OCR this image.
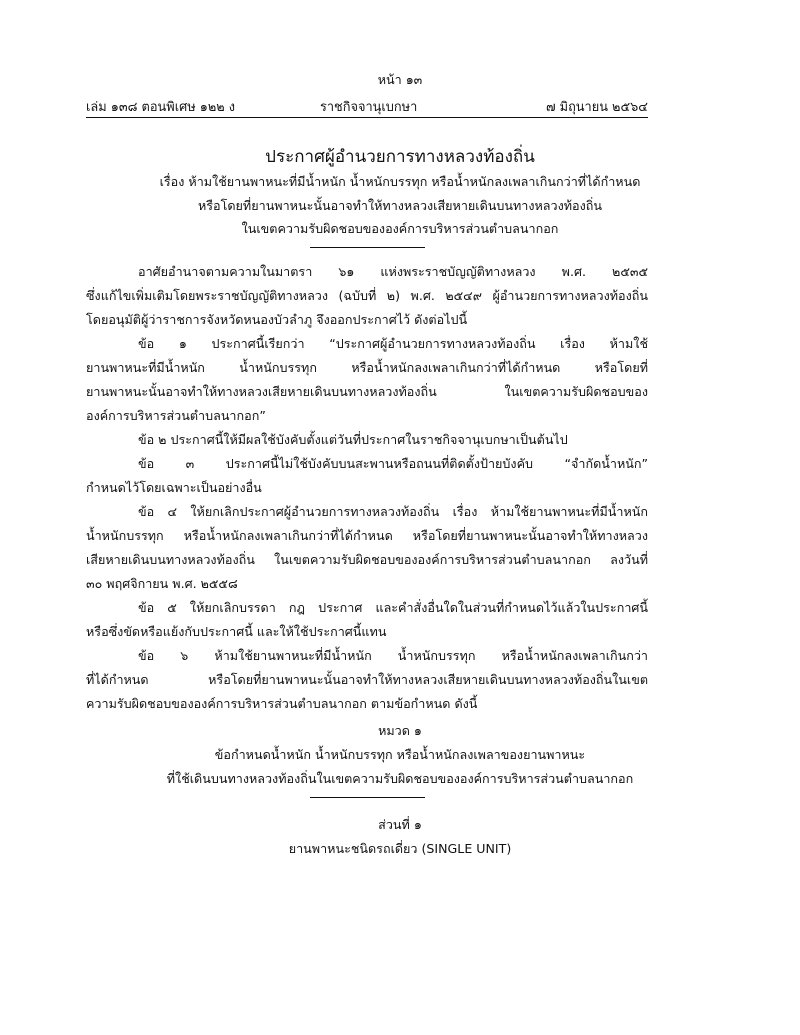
หน้า ๑๓
เล่ม ๑๓๘ ตอนพิเศษ ๑๒๒ ง	ราชกิจจานุเบกษา	๗ มิถุนายน ๒๕๖๔
ประกาศผู้อำนวยการทางหลวงท้องถิ่น
เรื่อง ห้ามใช้ยานพาหนะที่มีน้ำหนัก น้ำหนักบรรทุก หรือน้ำหนักลงเพลาเกินกว่าที่ได้กำหนด
หรือโดยที่ยานพาหนะนั้นอาจทำให้ทางหลวงเสียหายเดินบนทางหลวงท้องถิ่น
ในเขตความรับผิดชอบขององค์การบริหารส่วนตำบลนากอก
อาศัยอำนาจตามความในมาตรา ๖๑ แห่งพระราชบัญญัติทางหลวง พ.ศ. ๒๕๓๕
ซึ่งแก้ไขเพิ่มเติมโดยพระราชบัญญัติทางหลวง (ฉบับที่ ๒) พ.ศ. ๒๕๔๙ ผู้อำนวยการทางหลวงท้องถิ่น
โดยอนุมัติผู้ว่าราชการจังหวัดหนองบัวลำภู จึงออกประกาศไว้ ดังต่อไปนี้
ข้อ ๑ ประกาศนี้เรียกว่า “ประกาศผู้อำนวยการทางหลวงท้องถิ่น เรื่อง ห้ามใช้
ยานพาหนะที่มีน้ำหนัก น้ำหนักบรรทุก หรือน้ำหนักลงเพลาเกินกว่าที่ได้กำหนด หรือโดยที่
ยานพาหนะนั้นอาจทำให้ทางหลวงเสียหายเดินบนทางหลวงท้องถิ่น ในเขตความรับผิดชอบของ
องค์การบริหารส่วนตำบลนากอก”
ข้อ ๒ ประกาศนี้ให้มีผลใช้บังคับตั้งแต่วันที่ประกาศในราชกิจจานุเบกษาเป็นต้นไป
ข้อ ๓ ประกาศนี้ไม่ใช้บังคับบนสะพานหรือถนนที่ติดตั้งป้ายบังคับ “จำกัดน้ำหนัก”
กำหนดไว้โดยเฉพาะเป็นอย่างอื่น
ข้อ ๔ ให้ยกเลิกประกาศผู้อำนวยการทางหลวงท้องถิ่น เรื่อง ห้ามใช้ยานพาหนะที่มีน้ำหนัก
น้ำหนักบรรทุก หรือน้ำหนักลงเพลาเกินกว่าที่ได้กำหนด หรือโดยที่ยานพาหนะนั้นอาจทำให้ทางหลวง
เสียหายเดินบนทางหลวงท้องถิ่น ในเขตความรับผิดชอบขององค์การบริหารส่วนตำบลนากอก ลงวันที่
๓๐ พฤศจิกายน พ.ศ. ๒๕๕๘
ข้อ ๕ ให้ยกเลิกบรรดา กฎ ประกาศ และคำสั่งอื่นใดในส่วนที่กำหนดไว้แล้วในประกาศนี้
หรือซึ่งขัดหรือแย้งกับประกาศนี้ และให้ใช้ประกาศนี้แทน
ข้อ ๖ ห้ามใช้ยานพาหนะที่มีน้ำหนัก น้ำหนักบรรทุก หรือน้ำหนักลงเพลาเกินกว่า
ที่ได้กำหนด หรือโดยที่ยานพาหนะนั้นอาจทำให้ทางหลวงเสียหายเดินบนทางหลวงท้องถิ่นในเขต
ความรับผิดชอบขององค์การบริหารส่วนตำบลนากอก ตามข้อกำหนด ดังนี้
หมวด ๑
ข้อกำหนดน้ำหนัก น้ำหนักบรรทุก หรือน้ำหนักลงเพลาของยานพาหนะ
ที่ใช้เดินบนทางหลวงท้องถิ่นในเขตความรับผิดชอบขององค์การบริหารส่วนตำบลนากอก
ส่วนที่ ๑
ยานพาหนะชนิดรถเดี่ยว (SINGLE UNIT)
